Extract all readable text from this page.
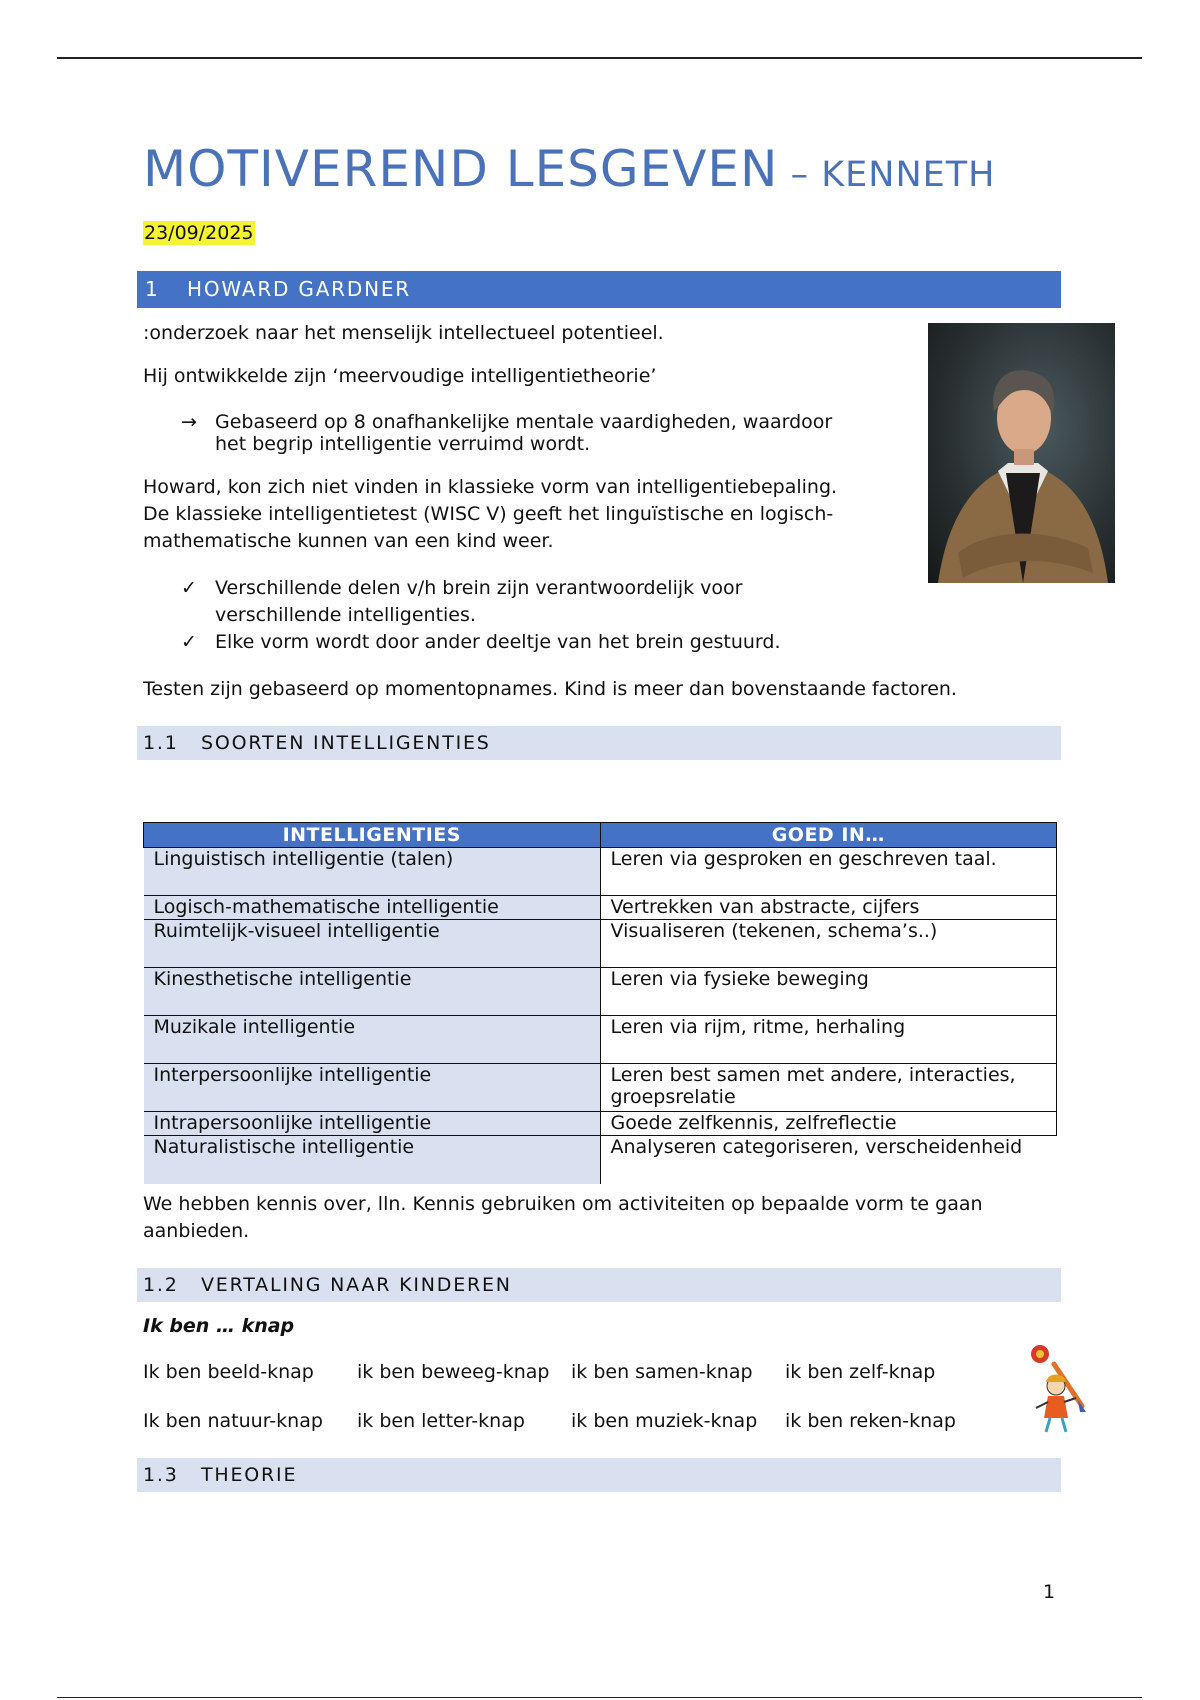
MOTIVEREND LESGEVEN – KENNETH
23/09/2025
1 HOWARD GARDNER
:onderzoek naar het menselijk intellectueel potentieel.
Hij ontwikkelde zijn ‘meervoudige intelligentietheorie’
→ Gebaseerd op 8 onafhankelijke mentale vaardigheden, waardoor
het begrip intelligentie verruimd wordt.
Howard, kon zich niet vinden in klassieke vorm van intelligentiebepaling.
De klassieke intelligentietest (WISC V) geeft het linguïstische en logisch-
mathematische kunnen van een kind weer.
✓ Verschillende delen v/h brein zijn verantwoordelijk voor
verschillende intelligenties.
✓ Elke vorm wordt door ander deeltje van het brein gestuurd.
Testen zijn gebaseerd op momentopnames. Kind is meer dan bovenstaande factoren.
1.1 SOORTEN INTELLIGENTIES
INTELLIGENTIES	GOED IN…
Linguistisch intelligentie (talen)	Leren via gesproken en geschreven taal.
Logisch-mathematische intelligentie	Vertrekken van abstracte, cijfers
Ruimtelijk-visueel intelligentie	Visualiseren (tekenen, schema’s..)
Kinesthetische intelligentie	Leren via fysieke beweging
Muzikale intelligentie	Leren via rijm, ritme, herhaling
Interpersoonlijke intelligentie	Leren best samen met andere, interacties, groepsrelatie
Intrapersoonlijke intelligentie	Goede zelfkennis, zelfreflectie
Naturalistische intelligentie	Analyseren categoriseren, verscheidenheid
We hebben kennis over, lln. Kennis gebruiken om activiteiten op bepaalde vorm te gaan
aanbieden.
1.2 VERTALING NAAR KINDEREN
Ik ben … knap
Ik ben beeld-knap ik ben beweeg-knap ik ben samen-knap ik ben zelf-knap
Ik ben natuur-knap ik ben letter-knap ik ben muziek-knap ik ben reken-knap
1.3 THEORIE
1
